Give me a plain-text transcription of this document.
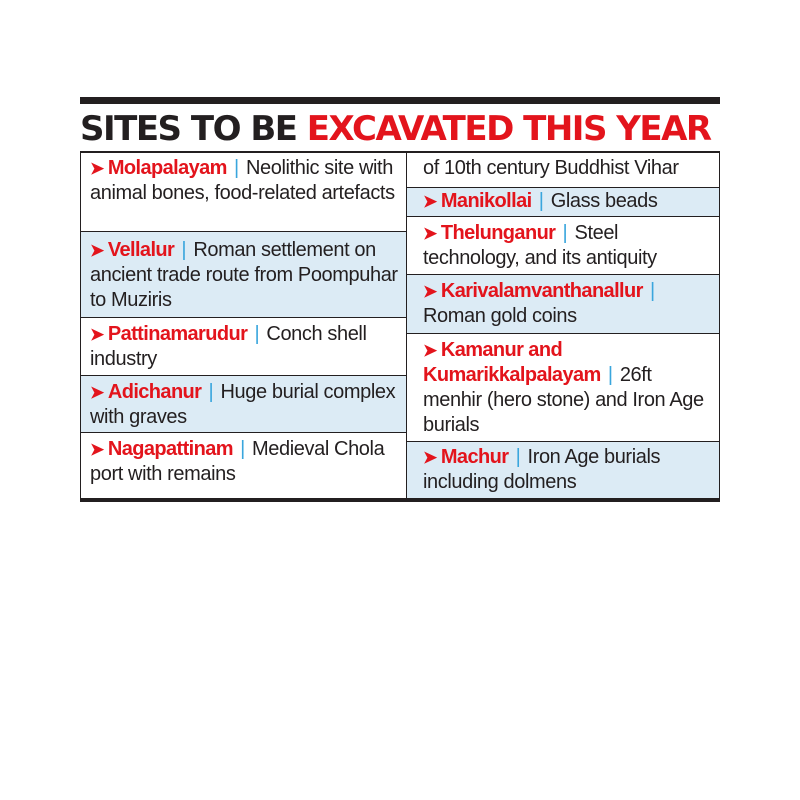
SITES TO BE EXCAVATED THIS YEAR
➤ Molapalayam | Neolithic site with animal bones, food-related artefacts
➤ Vellalur | Roman settlement on ancient trade route from Poompuhar to Muziris
➤ Pattinamarudur | Conch shell industry
➤ Adichanur | Huge burial complex with graves
➤ Nagapattinam | Medieval Chola port with remains
of 10th century Buddhist Vihar
➤ Manikollai | Glass beads
➤ Thelunganur | Steel technology, and its antiquity
➤ Karivalamvanthanallur | Roman gold coins
➤ Kamanur and Kumarikkalpalayam | 26ft menhir (hero stone) and Iron Age burials
➤ Machur | Iron Age burials including dolmens
